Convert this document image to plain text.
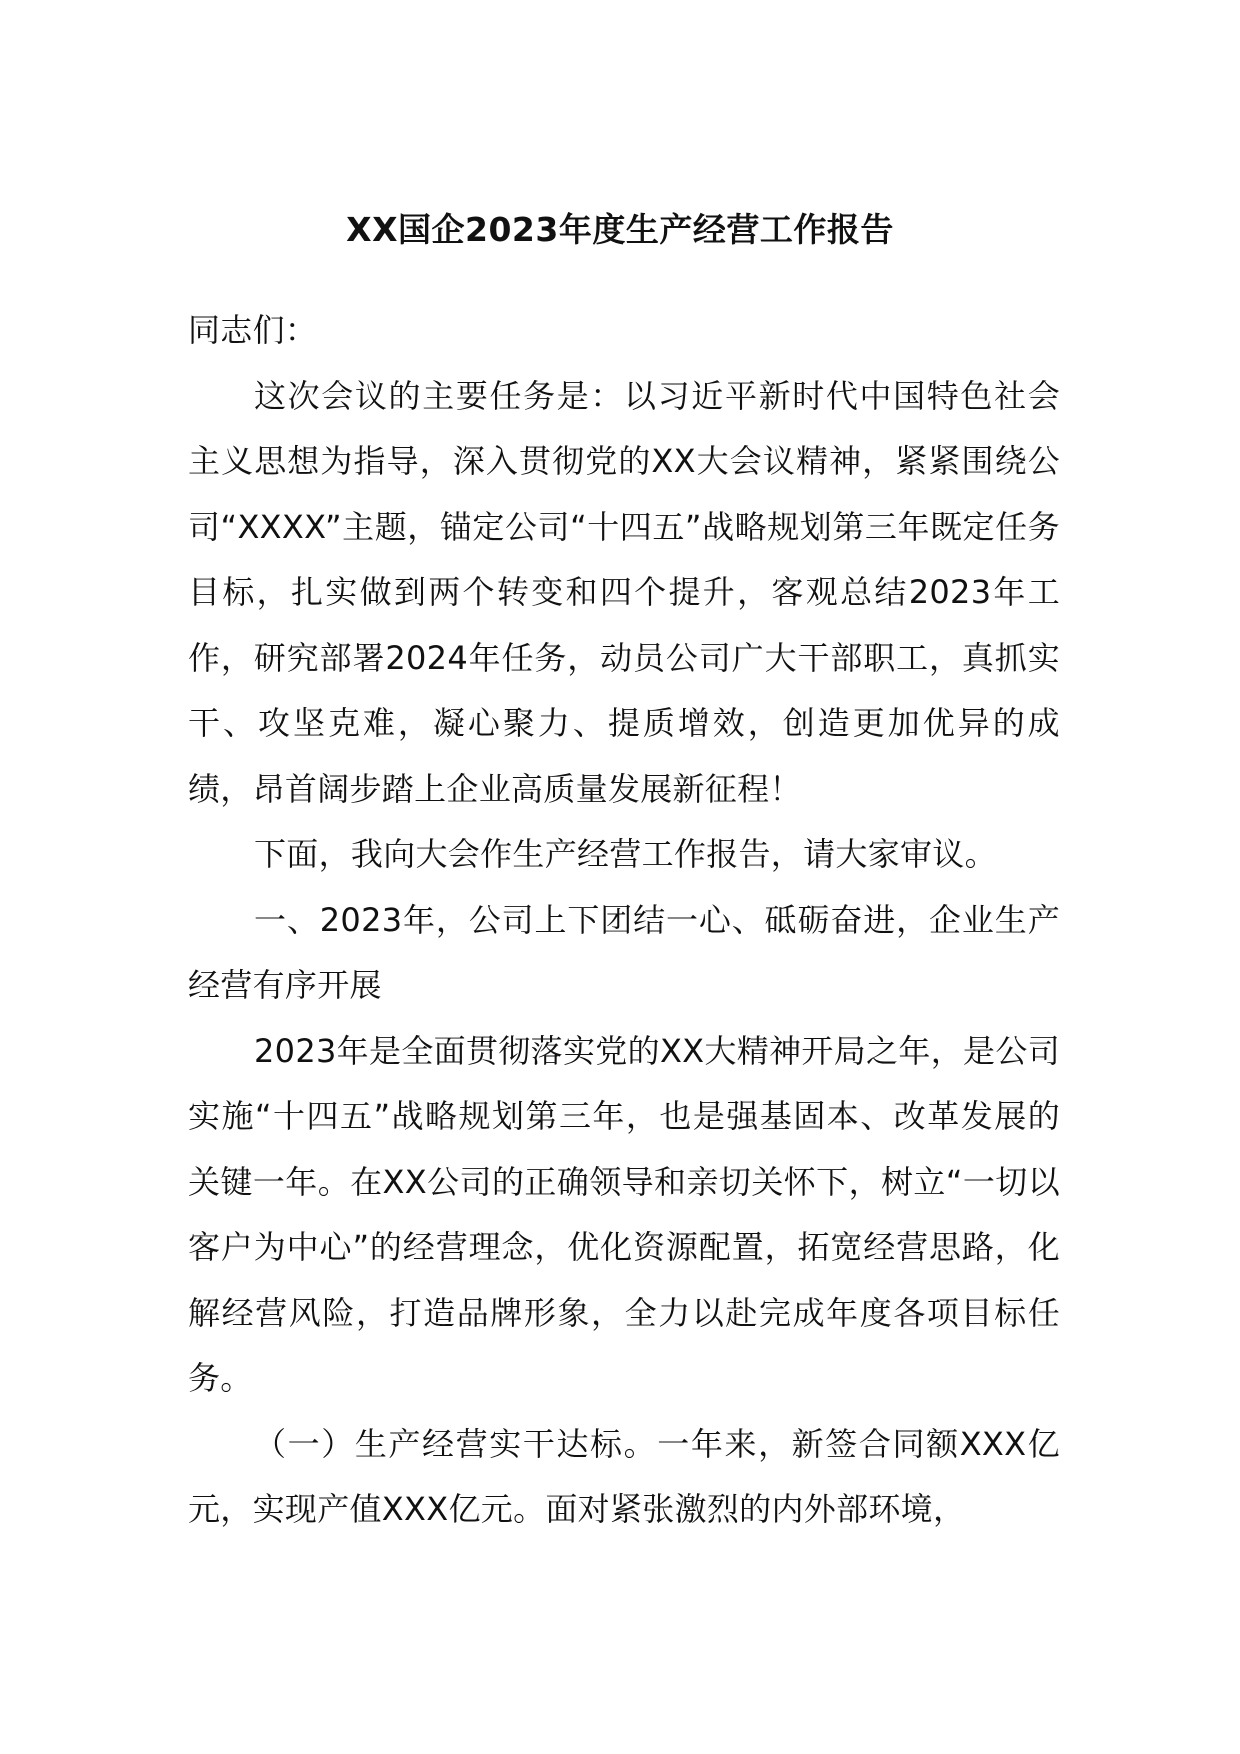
XX国企2023年度生产经营工作报告

同志们：

这次会议的主要任务是：以习近平新时代中国特色社会主义思想为指导，深入贯彻党的XX大会议精神，紧紧围绕公司“XXXX”主题，锚定公司“十四五”战略规划第三年既定任务目标，扎实做到两个转变和四个提升，客观总结2023年工作，研究部署2024年任务，动员公司广大干部职工，真抓实干、攻坚克难，凝心聚力、提质增效，创造更加优异的成绩，昂首阔步踏上企业高质量发展新征程！

下面，我向大会作生产经营工作报告，请大家审议。

一、2023年，公司上下团结一心、砥砺奋进，企业生产经营有序开展

2023年是全面贯彻落实党的XX大精神开局之年，是公司实施“十四五”战略规划第三年，也是强基固本、改革发展的关键一年。在XX公司的正确领导和亲切关怀下，树立“一切以客户为中心”的经营理念，优化资源配置，拓宽经营思路，化解经营风险，打造品牌形象，全力以赴完成年度各项目标任务。

（一）生产经营实干达标。一年来，新签合同额XXX亿元，实现产值XXX亿元。面对紧张激烈的内外部环境，
